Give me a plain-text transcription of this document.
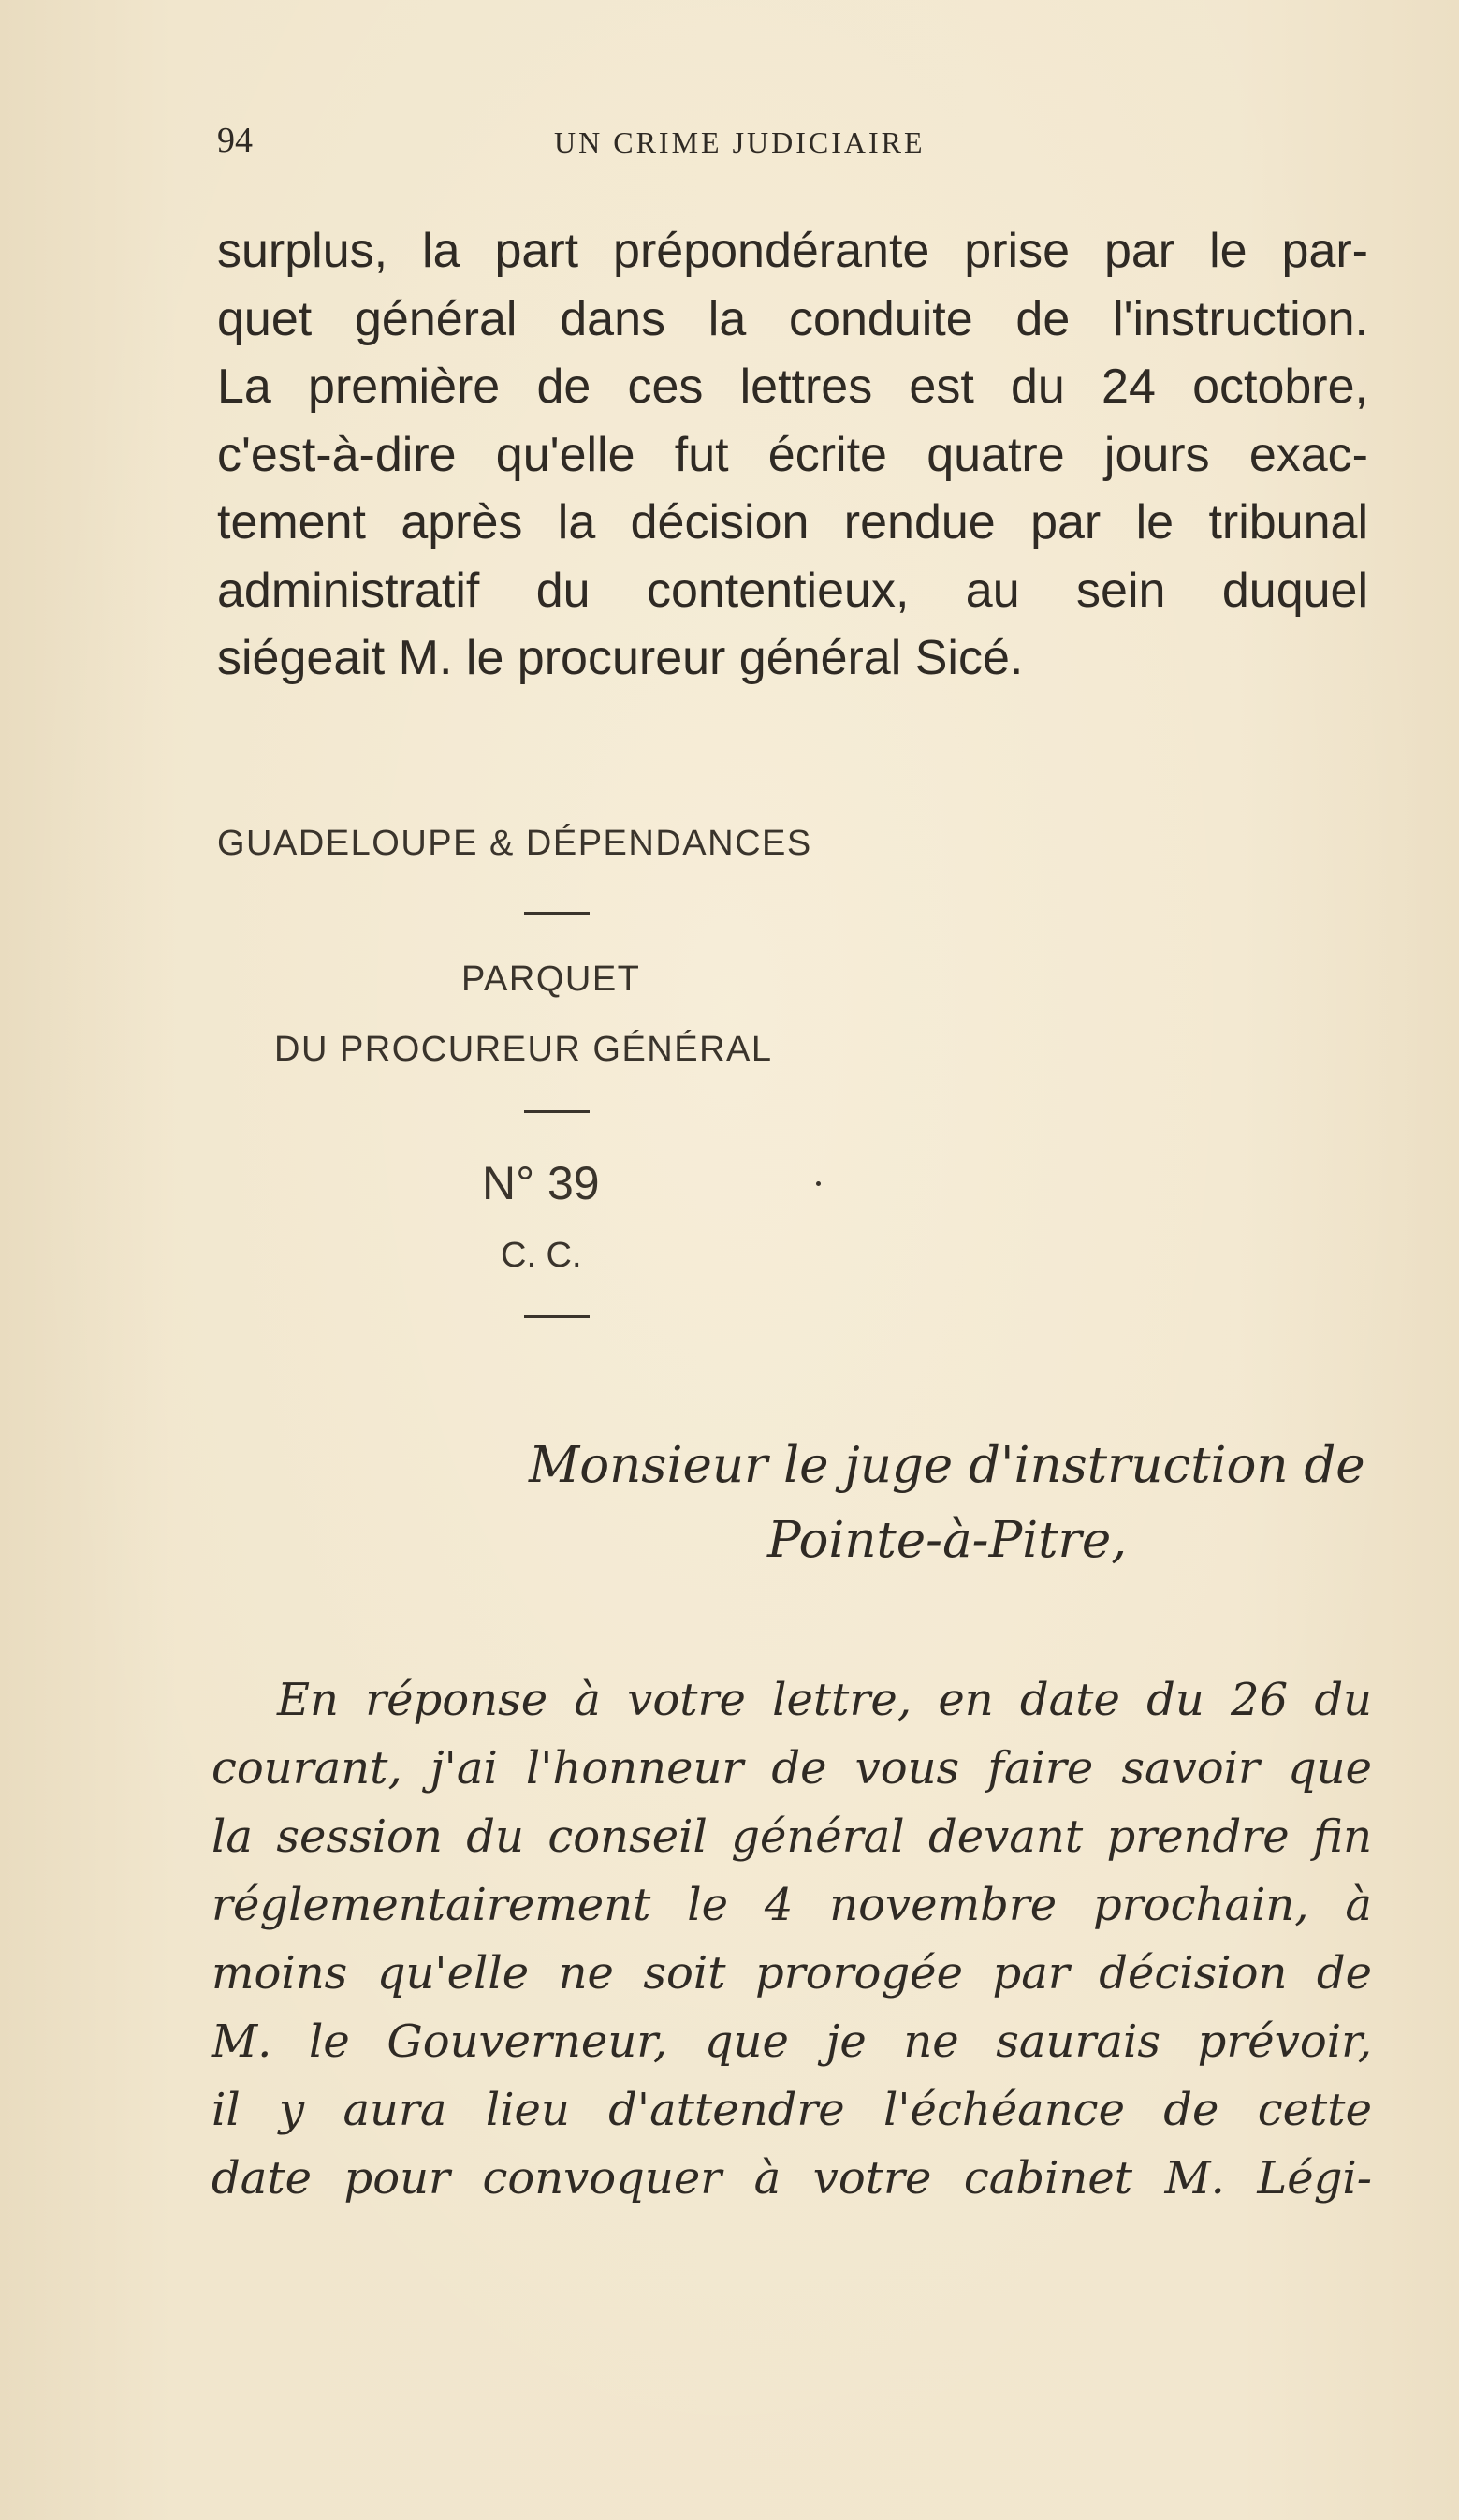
94	UN CRIME JUDICIAIRE
surplus, la part prépondérante prise par le par-
quet général dans la conduite de l'instruction.
La première de ces lettres est du 24 octobre,
c'est-à-dire qu'elle fut écrite quatre jours exac-
tement après la décision rendue par le tribunal
administratif du contentieux, au sein duquel
siégeait M. le procureur général Sicé.
GUADELOUPE & DÉPENDANCES
PARQUET
DU PROCUREUR GÉNÉRAL
N° 39
C. C.
Monsieur le juge d'instruction de
Pointe-à-Pitre,
En réponse à votre lettre, en date du 26 du
courant, j'ai l'honneur de vous faire savoir que
la session du conseil général devant prendre fin
réglementairement le 4 novembre prochain, à
moins qu'elle ne soit prorogée par décision de
M. le Gouverneur, que je ne saurais prévoir,
il y aura lieu d'attendre l'échéance de cette
date pour convoquer à votre cabinet M. Légi-
